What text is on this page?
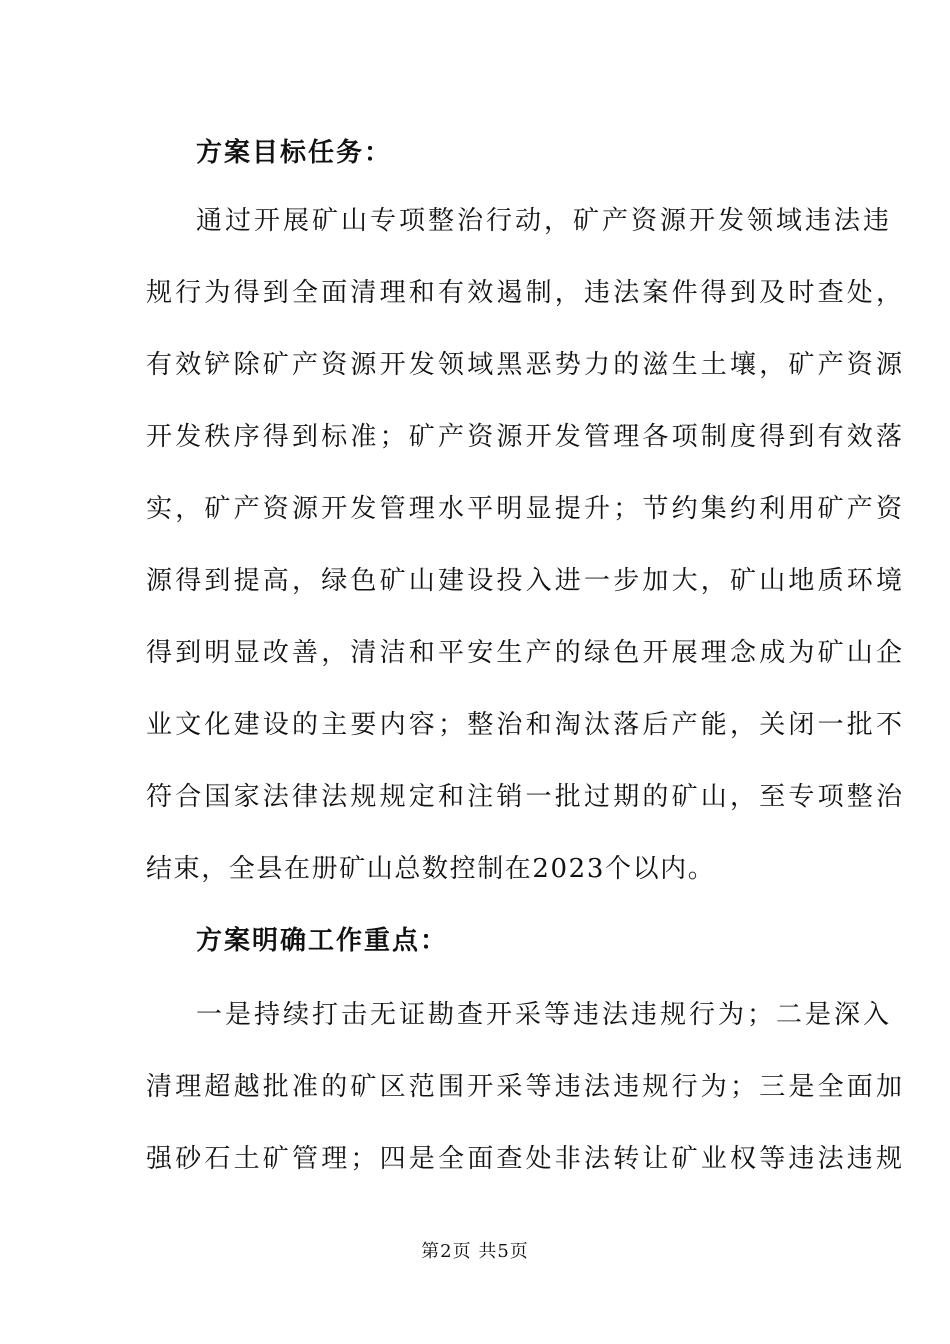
方案目标任务：
通过开展矿山专项整治行动，矿产资源开发领域违法违
规行为得到全面清理和有效遏制，违法案件得到及时查处，
有效铲除矿产资源开发领域黑恶势力的滋生土壤，矿产资源
开发秩序得到标准；矿产资源开发管理各项制度得到有效落
实，矿产资源开发管理水平明显提升；节约集约利用矿产资
源得到提高，绿色矿山建设投入进一步加大，矿山地质环境
得到明显改善，清洁和平安生产的绿色开展理念成为矿山企
业文化建设的主要内容；整治和淘汰落后产能，关闭一批不
符合国家法律法规规定和注销一批过期的矿山，至专项整治
结束，全县在册矿山总数控制在2023个以内。
方案明确工作重点：
一是持续打击无证勘查开采等违法违规行为；二是深入
清理超越批准的矿区范围开采等违法违规行为；三是全面加
强砂石土矿管理；四是全面查处非法转让矿业权等违法违规
第2页 共5页
